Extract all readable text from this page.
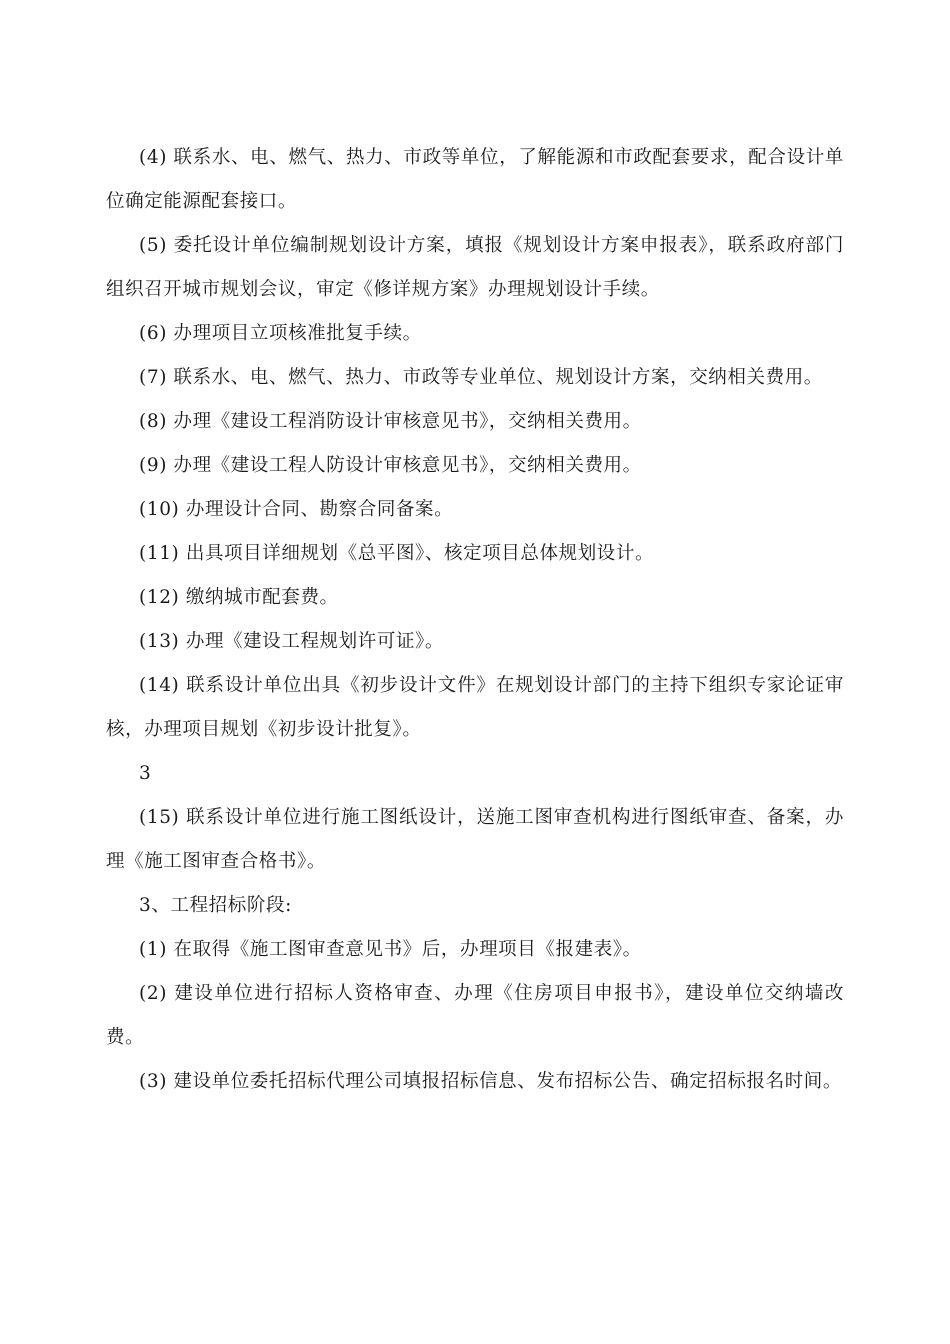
(4) 联系水、电、燃气、热力、市政等单位，了解能源和市政配套要求，配合设计单位确定能源配套接口。

(5) 委托设计单位编制规划设计方案，填报《规划设计方案申报表》，联系政府部门组织召开城市规划会议，审定《修详规方案》办理规划设计手续。

(6) 办理项目立项核准批复手续。

(7) 联系水、电、燃气、热力、市政等专业单位、规划设计方案，交纳相关费用。

(8) 办理《建设工程消防设计审核意见书》，交纳相关费用。

(9) 办理《建设工程人防设计审核意见书》，交纳相关费用。

(10) 办理设计合同、勘察合同备案。

(11) 出具项目详细规划《总平图》、核定项目总体规划设计。

(12) 缴纳城市配套费。

(13) 办理《建设工程规划许可证》。

(14) 联系设计单位出具《初步设计文件》在规划设计部门的主持下组织专家论证审核，办理项目规划《初步设计批复》。

3

(15) 联系设计单位进行施工图纸设计，送施工图审查机构进行图纸审查、备案，办理《施工图审查合格书》。

3、工程招标阶段:

(1) 在取得《施工图审查意见书》后，办理项目《报建表》。

(2) 建设单位进行招标人资格审查、办理《住房项目申报书》，建设单位交纳墙改费。

(3) 建设单位委托招标代理公司填报招标信息、发布招标公告、确定招标报名时间。
